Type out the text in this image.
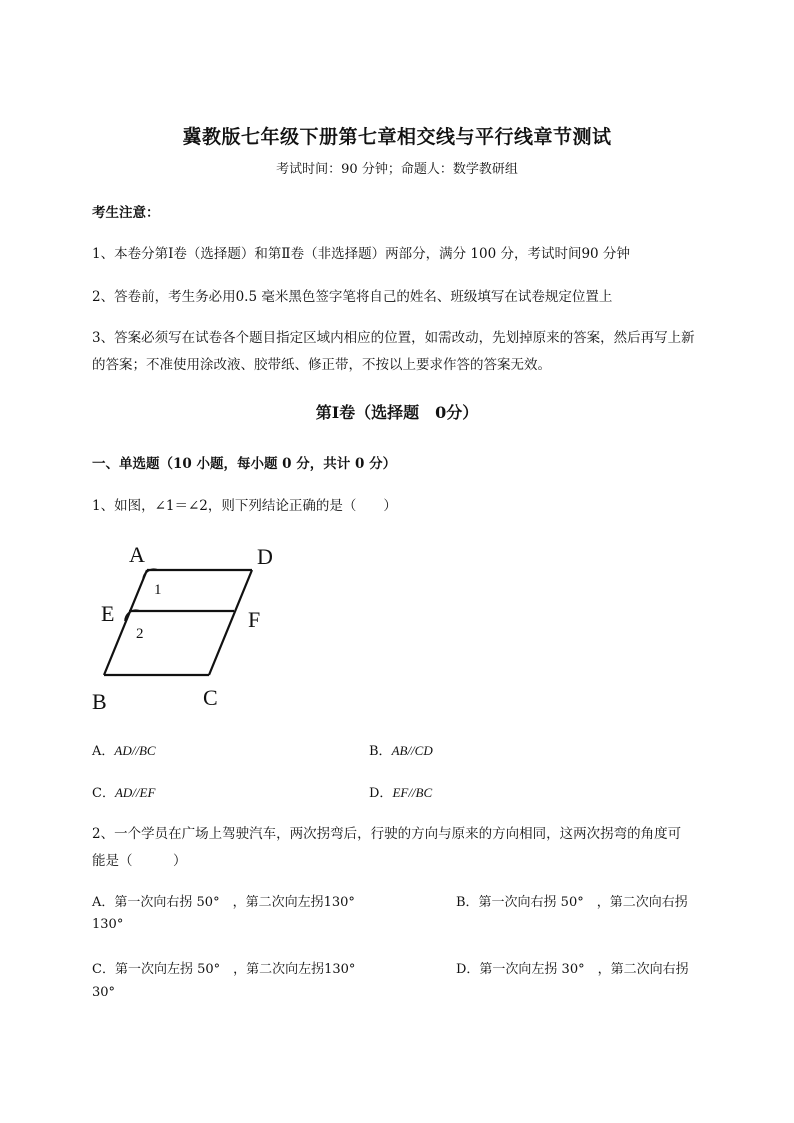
冀教版七年级下册第七章相交线与平行线章节测试
考试时间：90 分钟；命题人：数学教研组
考生注意：
1、本卷分第Ⅰ卷（选择题）和第Ⅱ卷（非选择题）两部分，满分 100 分，考试时间90 分钟
2、答卷前，考生务必用0.5 毫米黑色签字笔将自己的姓名、班级填写在试卷规定位置上
3、答案必须写在试卷各个题目指定区域内相应的位置，如需改动，先划掉原来的答案，然后再写上新
的答案；不准使用涂改液、胶带纸、修正带，不按以上要求作答的答案无效。
第Ⅰ卷（选择题　0分）
一、单选题（10 小题，每小题 0 分，共计 0 分）
1、如图，∠1＝∠2，则下列结论正确的是（　　）
A	D
E	F
B	C
1
2
A．AD//BC	B．AB//CD
C．AD//EF	D．EF//BC
2、一个学员在广场上驾驶汽车，两次拐弯后，行驶的方向与原来的方向相同，这两次拐弯的角度可
能是（　　　）
A．第一次向右拐 50°　，第二次向左拐130°	B．第一次向右拐 50°　，第二次向右拐
130°
C．第一次向左拐 50°　，第二次向左拐130°	D．第一次向左拐 30°　，第二次向右拐
30°
